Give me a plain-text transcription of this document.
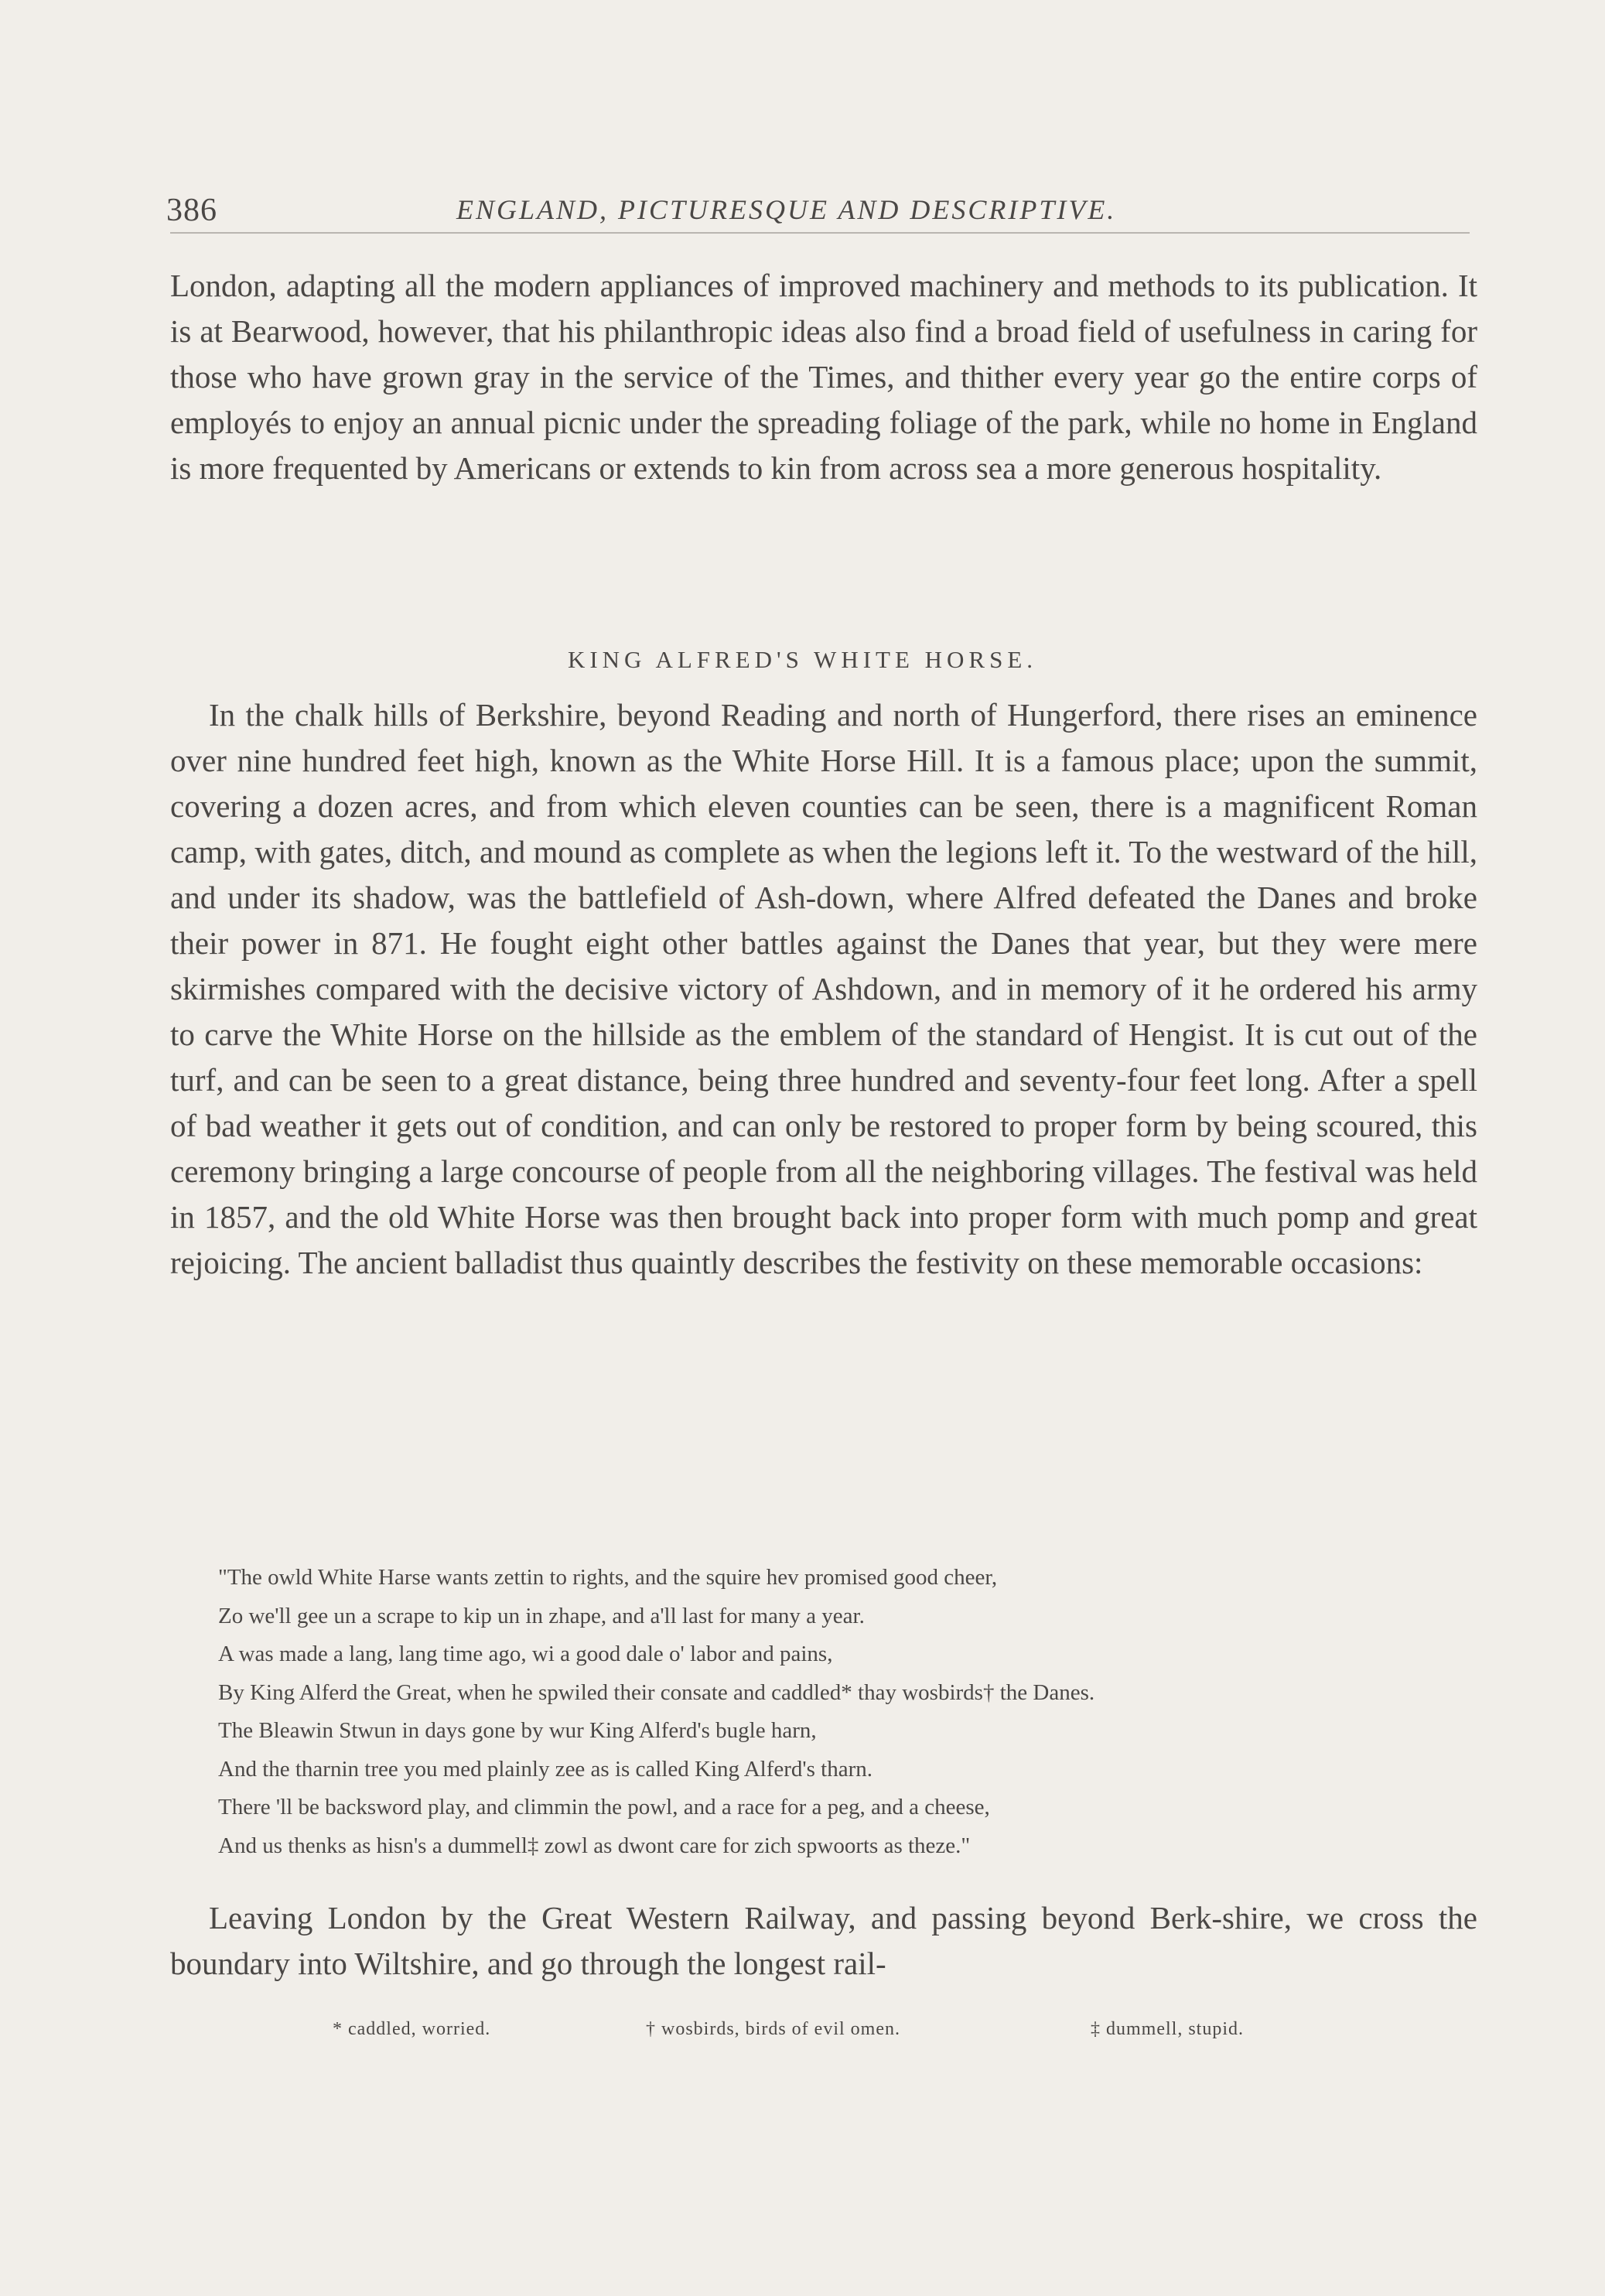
386	ENGLAND, PICTURESQUE AND DESCRIPTIVE.

London, adapting all the modern appliances of improved machinery and methods to its publication. It is at Bearwood, however, that his philanthropic ideas also find a broad field of usefulness in caring for those who have grown gray in the service of the Times, and thither every year go the entire corps of employés to enjoy an annual picnic under the spreading foliage of the park, while no home in England is more frequented by Americans or extends to kin from across sea a more generous hospitality.

KING ALFRED'S WHITE HORSE.

In the chalk hills of Berkshire, beyond Reading and north of Hungerford, there rises an eminence over nine hundred feet high, known as the White Horse Hill. It is a famous place; upon the summit, covering a dozen acres, and from which eleven counties can be seen, there is a magnificent Roman camp, with gates, ditch, and mound as complete as when the legions left it. To the westward of the hill, and under its shadow, was the battlefield of Ash-down, where Alfred defeated the Danes and broke their power in 871. He fought eight other battles against the Danes that year, but they were mere skirmishes compared with the decisive victory of Ashdown, and in memory of it he ordered his army to carve the White Horse on the hillside as the emblem of the standard of Hengist. It is cut out of the turf, and can be seen to a great distance, being three hundred and seventy-four feet long. After a spell of bad weather it gets out of condition, and can only be restored to proper form by being scoured, this ceremony bringing a large concourse of people from all the neighboring villages. The festival was held in 1857, and the old White Horse was then brought back into proper form with much pomp and great rejoicing. The ancient balladist thus quaintly describes the festivity on these memorable occasions:

"The owld White Harse wants zettin to rights, and the squire hev promised good cheer,
Zo we'll gee un a scrape to kip un in zhape, and a'll last for many a year.
A was made a lang, lang time ago, wi a good dale o' labor and pains,
By King Alferd the Great, when he spwiled their consate and caddled* thay wosbirds† the Danes.
The Bleawin Stwun in days gone by wur King Alferd's bugle harn,
And the tharnin tree you med plainly zee as is called King Alferd's tharn.
There 'll be backsword play, and climmin the powl, and a race for a peg, and a cheese,
And us thenks as hisn's a dummell‡ zowl as dwont care for zich spwoorts as theze."

Leaving London by the Great Western Railway, and passing beyond Berk-shire, we cross the boundary into Wiltshire, and go through the longest rail-

* caddled, worried.	† wosbirds, birds of evil omen.	‡ dummell, stupid.
